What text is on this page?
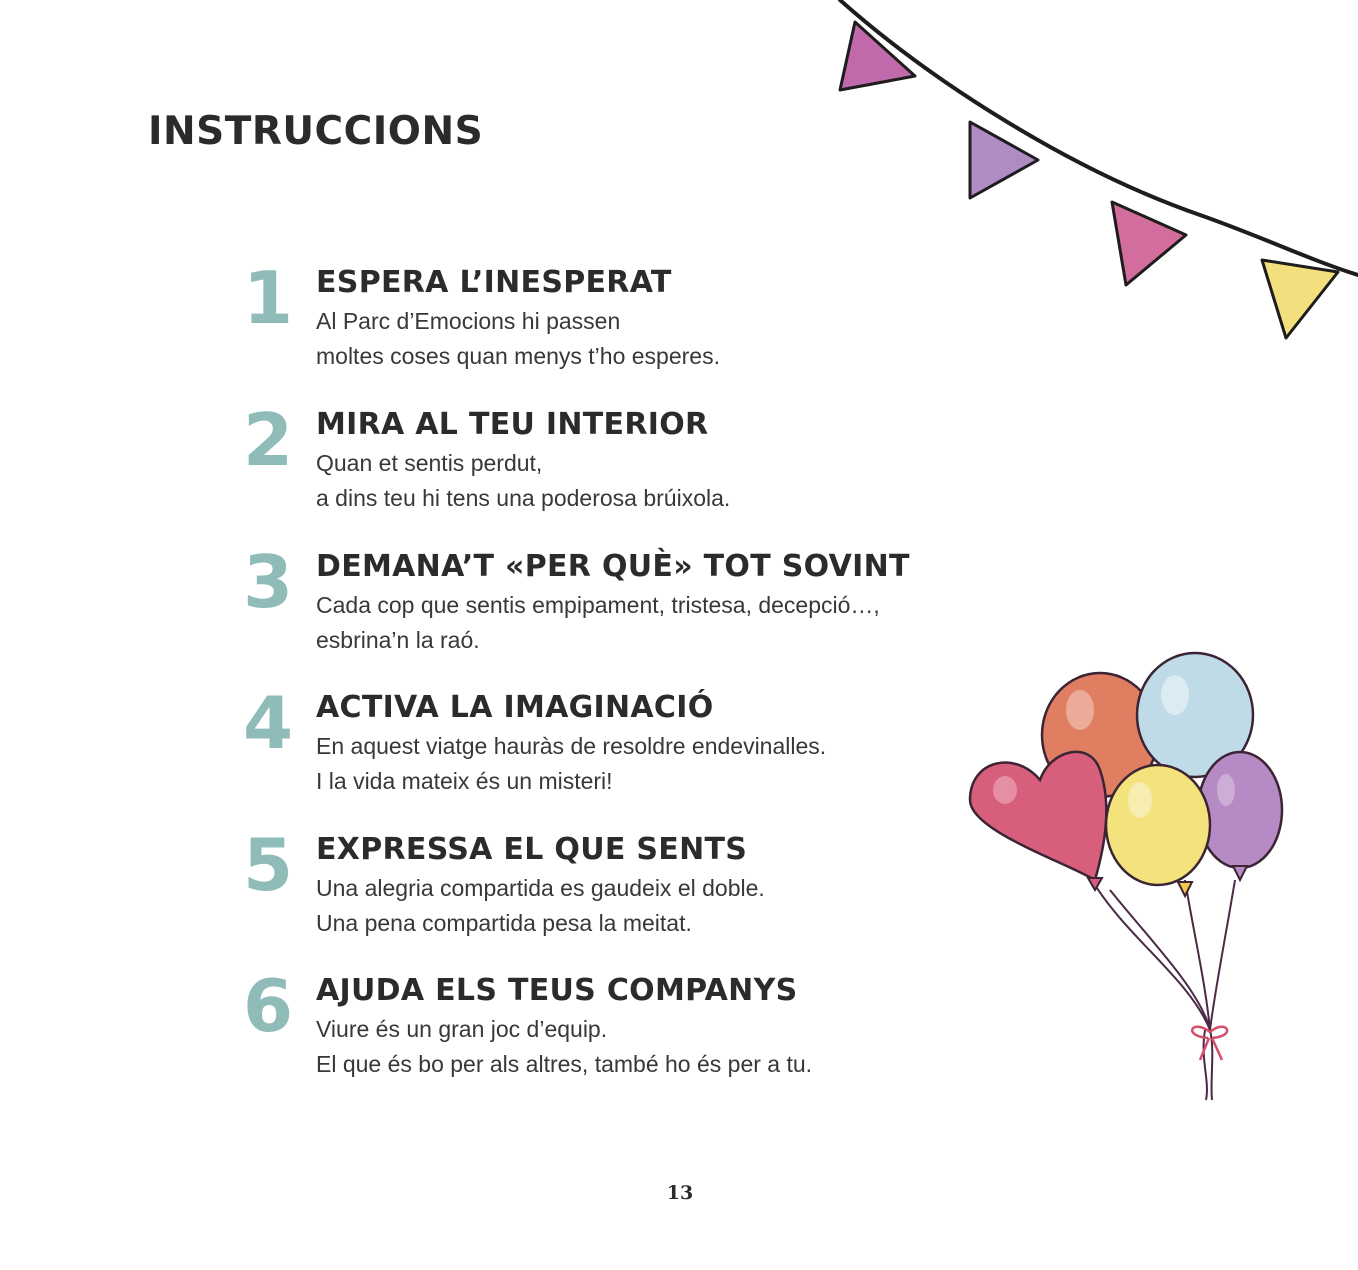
INSTRUCCIONS
1 ESPERA L’INESPERAT
Al Parc d’Emocions hi passen
moltes coses quan menys t’ho esperes.
2 MIRA AL TEU INTERIOR
Quan et sentis perdut,
a dins teu hi tens una poderosa brúixola.
3 DEMANA’T «PER QUÈ» TOT SOVINT
Cada cop que sentis empipament, tristesa, decepció…,
esbrina’n la raó.
4 ACTIVA LA IMAGINACIÓ
En aquest viatge hauràs de resoldre endevinalles.
I la vida mateix és un misteri!
5 EXPRESSA EL QUE SENTS
Una alegria compartida es gaudeix el doble.
Una pena compartida pesa la meitat.
6 AJUDA ELS TEUS COMPANYS
Viure és un gran joc d’equip.
El que és bo per als altres, també ho és per a tu.
13
